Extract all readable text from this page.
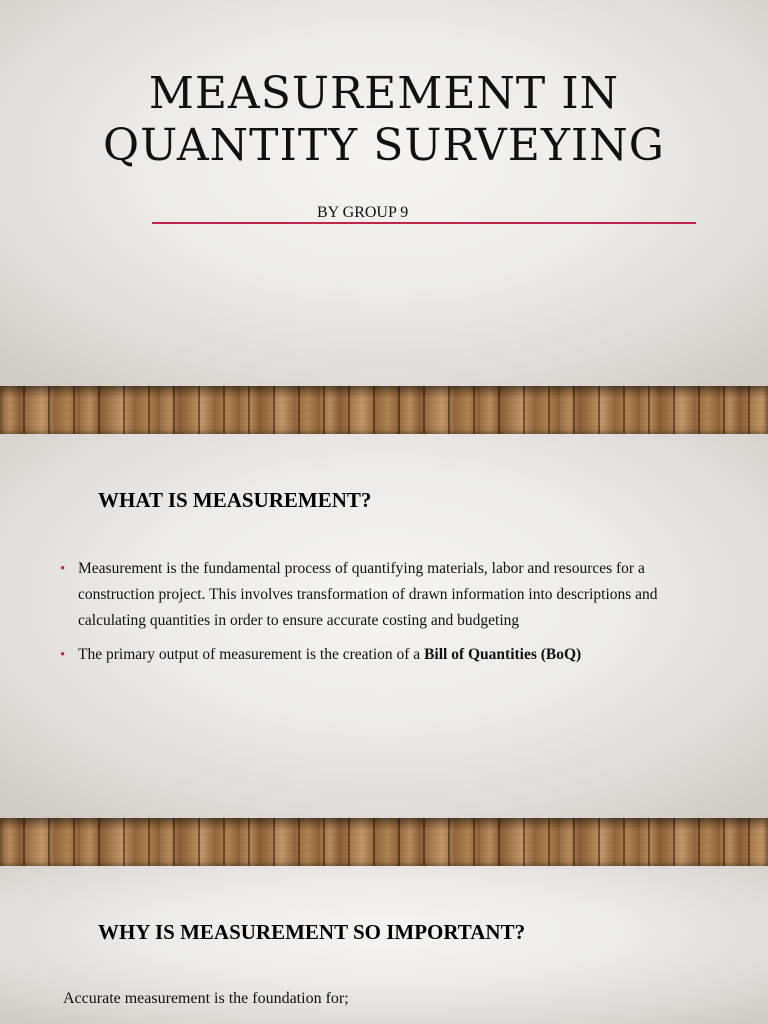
MEASUREMENT IN
QUANTITY SURVEYING
BY GROUP 9
WHAT IS MEASUREMENT?
• Measurement is the fundamental process of quantifying materials, labor and resources for a construction project. This involves transformation of drawn information into descriptions and calculating quantities in order to ensure accurate costing and budgeting
• The primary output of measurement is the creation of a Bill of Quantities (BoQ)
WHY IS MEASUREMENT SO IMPORTANT?
Accurate measurement is the foundation for;
